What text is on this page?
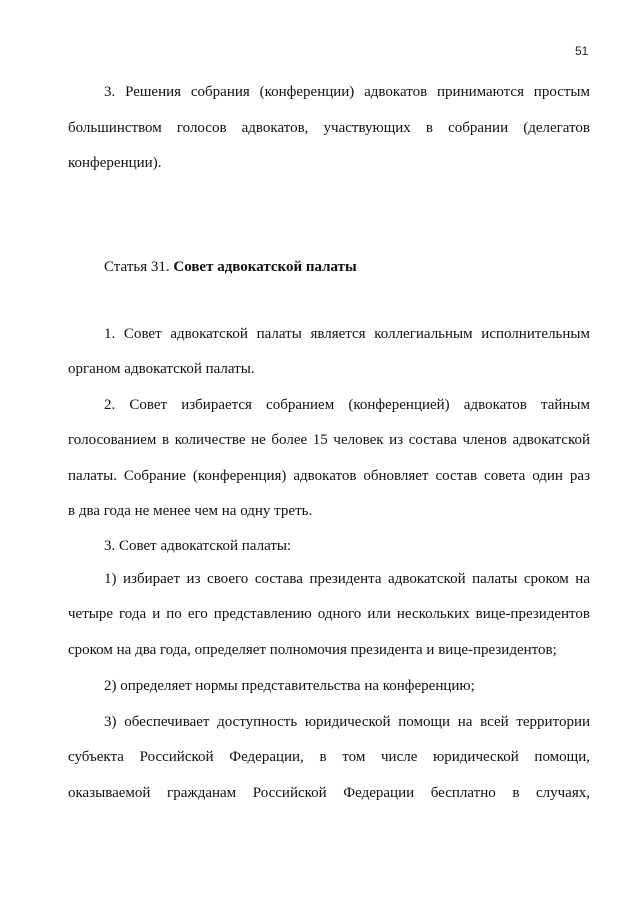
51
3. Решения собрания (конференции) адвокатов принимаются простым
большинством голосов адвокатов, участвующих в собрании (делегатов
конференции).
Статья 31. Совет адвокатской палаты
1. Совет адвокатской палаты является коллегиальным исполнительным
органом адвокатской палаты.
2. Совет избирается собранием (конференцией) адвокатов тайным
голосованием в количестве не более 15 человек из состава членов адвокатской
палаты. Собрание (конференция) адвокатов обновляет состав совета один раз
в два года не менее чем на одну треть.
3. Совет адвокатской палаты:
1) избирает из своего состава президента адвокатской палаты сроком на
четыре года и по его представлению одного или нескольких вице-президентов
сроком на два года, определяет полномочия президента и вице-президентов;
2) определяет нормы представительства на конференцию;
3) обеспечивает доступность юридической помощи на всей территории
субъекта Российской Федерации, в том числе юридической помощи,
оказываемой гражданам Российской Федерации бесплатно в случаях,
